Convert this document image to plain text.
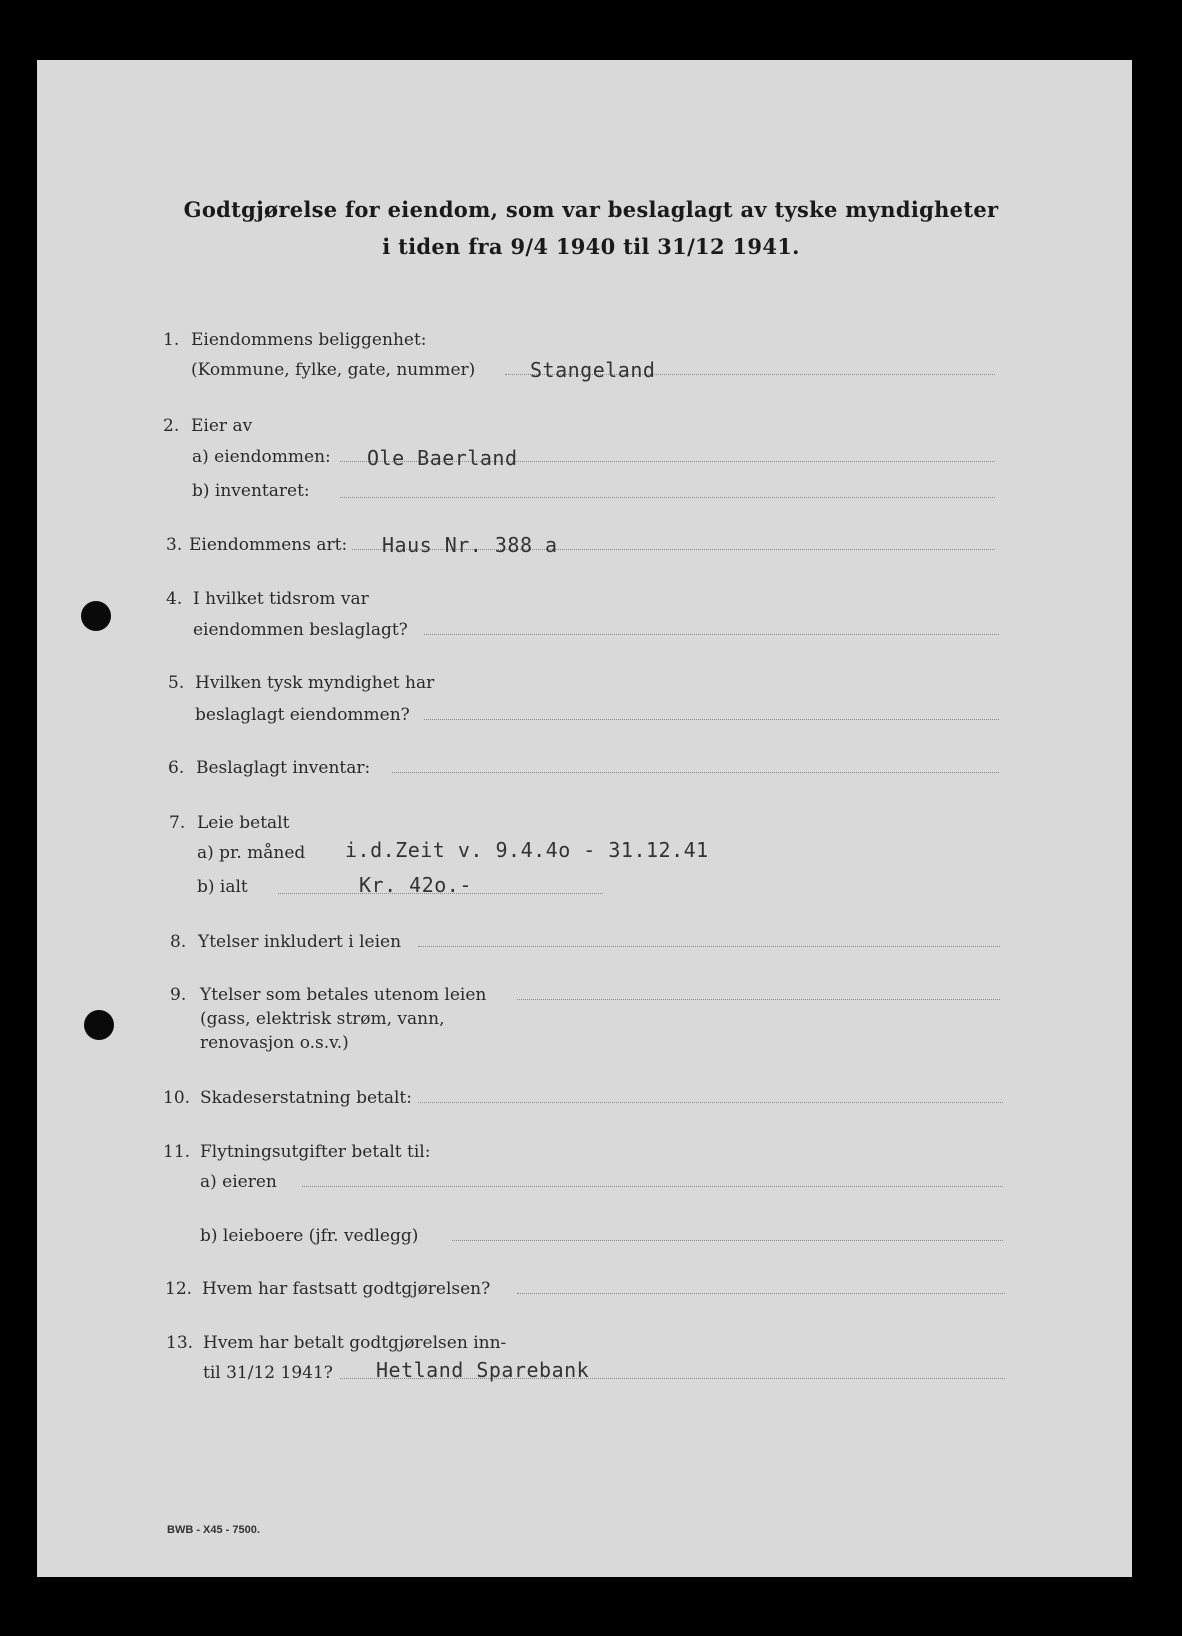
Godtgjørelse for eiendom, som var beslaglagt av tyske myndigheter
i tiden fra 9/4 1940 til 31/12 1941.
1. Eiendommens beliggenhet:
(Kommune, fylke, gate, nummer)	Stangeland
2. Eier av
a) eiendommen: Ole Baerland
b) inventaret:
3. Eiendommens art: Haus Nr. 388 a
4. I hvilket tidsrom var
eiendommen beslaglagt?
5. Hvilken tysk myndighet har
beslaglagt eiendommen?
6. Beslaglagt inventar:
7. Leie betalt
a) pr. måned i.d.Zeit v. 9.4.4o - 31.12.41
b) ialt	Kr. 42o.-
8. Ytelser inkludert i leien
9. Ytelser som betales utenom leien
(gass, elektrisk strøm, vann,
renovasjon o.s.v.)
10. Skadeserstatning betalt:
11. Flytningsutgifter betalt til:
a) eieren
b) leieboere (jfr. vedlegg)
12. Hvem har fastsatt godtgjørelsen?
13. Hvem har betalt godtgjørelsen inn-
til 31/12 1941? Hetland Sparebank
BWB - X45 - 7500.
